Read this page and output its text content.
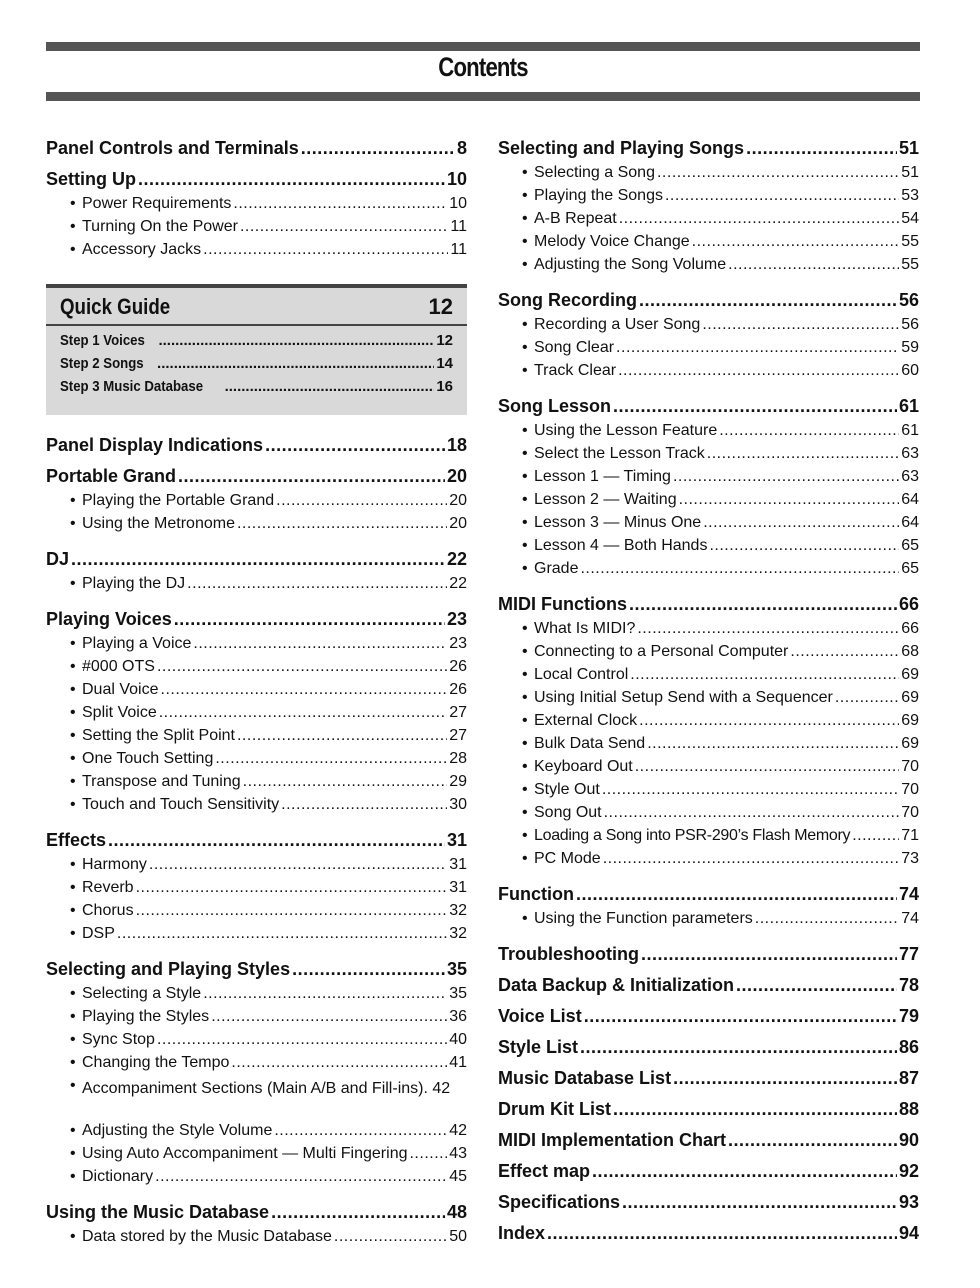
Contents
Panel Controls and Terminals .....	8
Setting Up .....	10
• Power Requirements .....	10
• Turning On the Power .....	11
• Accessory Jacks .....	11
Quick Guide	12
Step 1 Voices .....	12
Step 2 Songs .....	14
Step 3 Music Database .....	16
Panel Display Indications .....	18
Portable Grand .....	20
• Playing the Portable Grand .....	20
• Using the Metronome .....	20
DJ .....	22
• Playing the DJ .....	22
Playing Voices .....	23
• Playing a Voice .....	23
• #000 OTS .....	26
• Dual Voice .....	26
• Split Voice .....	27
• Setting the Split Point .....	27
• One Touch Setting .....	28
• Transpose and Tuning .....	29
• Touch and Touch Sensitivity .....	30
Effects .....	31
• Harmony .....	31
• Reverb .....	31
• Chorus .....	32
• DSP .....	32
Selecting and Playing Styles .....	35
• Selecting a Style .....	35
• Playing the Styles .....	36
• Sync Stop .....	40
• Changing the Tempo .....	41
• Accompaniment Sections (Main A/B and Fill-ins). 42
• Adjusting the Style Volume .....	42
• Using Auto Accompaniment — Multi Fingering .....	43
• Dictionary .....	45
Using the Music Database .....	48
• Data stored by the Music Database .....	50
Selecting and Playing Songs .....	51
• Selecting a Song .....	51
• Playing the Songs .....	53
• A-B Repeat .....	54
• Melody Voice Change .....	55
• Adjusting the Song Volume .....	55
Song Recording .....	56
• Recording a User Song .....	56
• Song Clear .....	59
• Track Clear .....	60
Song Lesson .....	61
• Using the Lesson Feature .....	61
• Select the Lesson Track .....	63
• Lesson 1 — Timing .....	63
• Lesson 2 — Waiting .....	64
• Lesson 3 — Minus One .....	64
• Lesson 4 — Both Hands .....	65
• Grade .....	65
MIDI Functions .....	66
• What Is MIDI? .....	66
• Connecting to a Personal Computer .....	68
• Local Control .....	69
• Using Initial Setup Send with a Sequencer .....	69
• External Clock .....	69
• Bulk Data Send .....	69
• Keyboard Out .....	70
• Style Out .....	70
• Song Out .....	70
• Loading a Song into PSR-290’s Flash Memory .....	71
• PC Mode .....	73
Function .....	74
• Using the Function parameters .....	74
Troubleshooting .....	77
Data Backup & Initialization .....	78
Voice List .....	79
Style List .....	86
Music Database List .....	87
Drum Kit List .....	88
MIDI Implementation Chart .....	90
Effect map .....	92
Specifications .....	93
Index .....	94
